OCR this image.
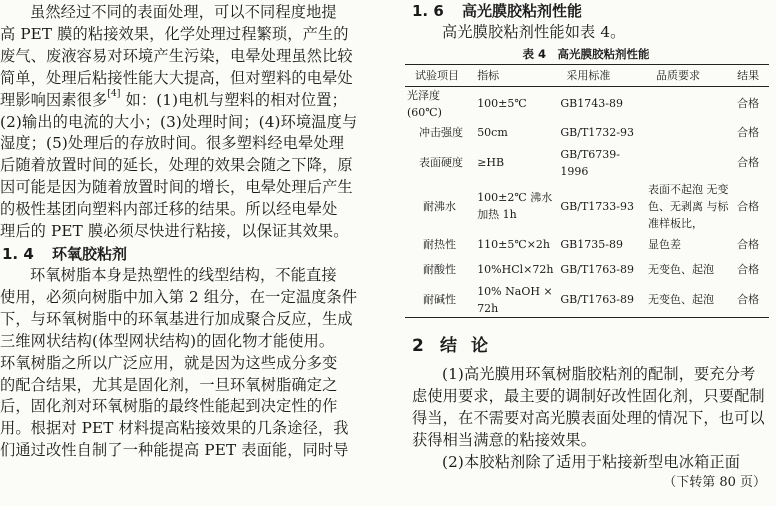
虽然经过不同的表面处理，可以不同程度地提

高 PET 膜的粘接效果，化学处理过程繁琐，产生的

废气、废液容易对环境产生污染，电晕处理虽然比较

简单，处理后粘接性能大大提高，但对塑料的电晕处

理影响因素很多[4] 如：(1)电机与塑料的相对位置；

(2)输出的电流的大小；(3)处理时间；(4)环境温度与

湿度；(5)处理后的存放时间。很多塑料经电晕处理

后随着放置时间的延长，处理的效果会随之下降，原

因可能是因为随着放置时间的增长，电晕处理后产生

的极性基团向塑料内部迁移的结果。所以经电晕处

理后的 PET 膜必须尽快进行粘接，以保证其效果。

1. 4 环氧胶粘剂

环氧树脂本身是热塑性的线型结构，不能直接

使用，必须向树脂中加入第 2 组分，在一定温度条件

下，与环氧树脂中的环氧基进行加成聚合反应，生成

三维网状结构(体型网状结构)的固化物才能使用。

环氧树脂之所以广泛应用，就是因为这些成分多变

的配合结果，尤其是固化剂，一旦环氧树脂确定之

后，固化剂对环氧树脂的最终性能起到决定性的作

用。根据对 PET 材料提高粘接效果的几条途径，我

们通过改性自制了一种能提高 PET 表面能，同时导

1. 6 高光膜胶粘剂性能

高光膜胶粘剂性能如表 4。

表 4　高光膜胶粘剂性能

试验项目	指标	采用标准	品质要求	结果
光泽度(60℃)	100±5℃	GB1743-89		合格
冲击强度	50cm	GB/T1732-93		合格
表面硬度	≥HB	GB/T6739-1996		合格
耐沸水	100±2℃ 沸水加热 1h	GB/T1733-93	表面不起泡 无变色、无剥离 与标准样板比，	合格
耐热性	110±5℃×2h	GB1735-89	显色差	合格
耐酸性	10%HCl×72h	GB/T1763-89	无变色、起泡	合格
耐碱性	10% NaOH × 72h	GB/T1763-89	无变色、起泡	合格

2 结论

(1)高光膜用环氧树脂胶粘剂的配制，要充分考

虑使用要求，最主要的调制好改性固化剂，只要配制

得当，在不需要对高光膜表面处理的情况下，也可以

获得相当满意的粘接效果。

(2)本胶粘剂除了适用于粘接新型电冰箱正面

（下转第 80 页）
